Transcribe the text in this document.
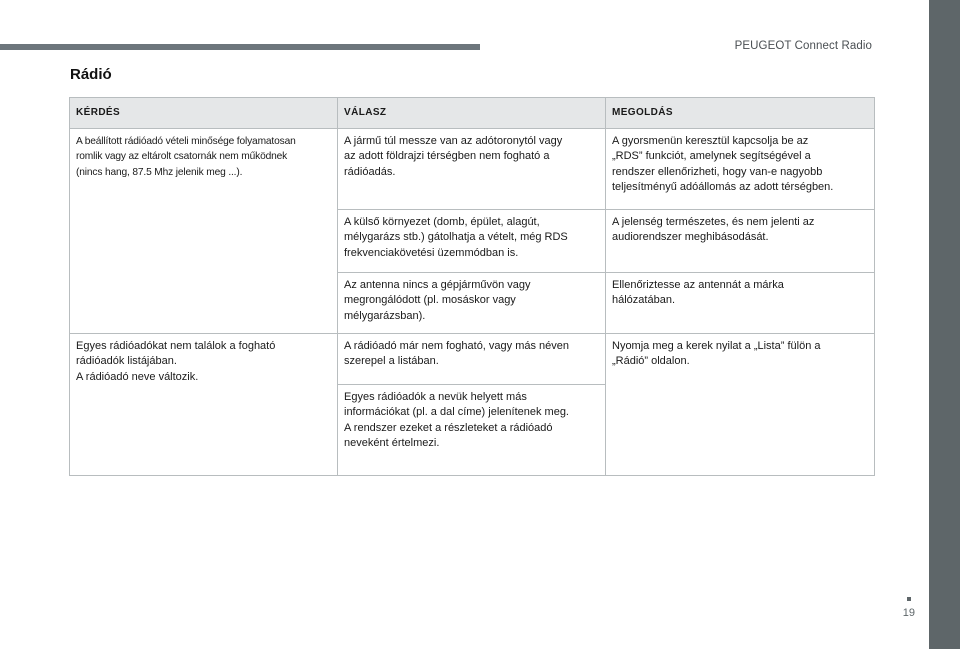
PEUGEOT Connect Radio
Rádió
KÉRDÉS	VÁLASZ	MEGOLDÁS

A beállított rádióadó vételi minősége folyamatosan
romlik vagy az eltárolt csatornák nem működnek
(nincs hang, 87.5 Mhz jelenik meg ...).	A jármű túl messze van az adótoronytól vagy
az adott földrajzi térségben nem fogható a
rádióadás.	A gyorsmenün keresztül kapcsolja be az
„RDS” funkciót, amelynek segítségével a
rendszer ellenőrizheti, hogy van-e nagyobb
teljesítményű adóállomás az adott térségben.

	A külső környezet (domb, épület, alagút,
mélygarázs stb.) gátolhatja a vételt, még RDS
frekvenciakövetési üzemmódban is.	A jelenség természetes, és nem jelenti az
audiorendszer meghibásodását.

	Az antenna nincs a gépjárművön vagy
megrongálódott (pl. mosáskor vagy
mélygarázsban).	Ellenőriztesse az antennát a márka
hálózatában.

Egyes rádióadókat nem találok a fogható
rádióadók listájában.
A rádióadó neve változik.	A rádióadó már nem fogható, vagy más néven
szerepel a listában.	Nyomja meg a kerek nyilat a „Lista” fülön a
„Rádió” oldalon.

	Egyes rádióadók a nevük helyett más
információkat (pl. a dal címe) jelenítenek meg.
A rendszer ezeket a részleteket a rádióadó
neveként értelmezi.	
19
